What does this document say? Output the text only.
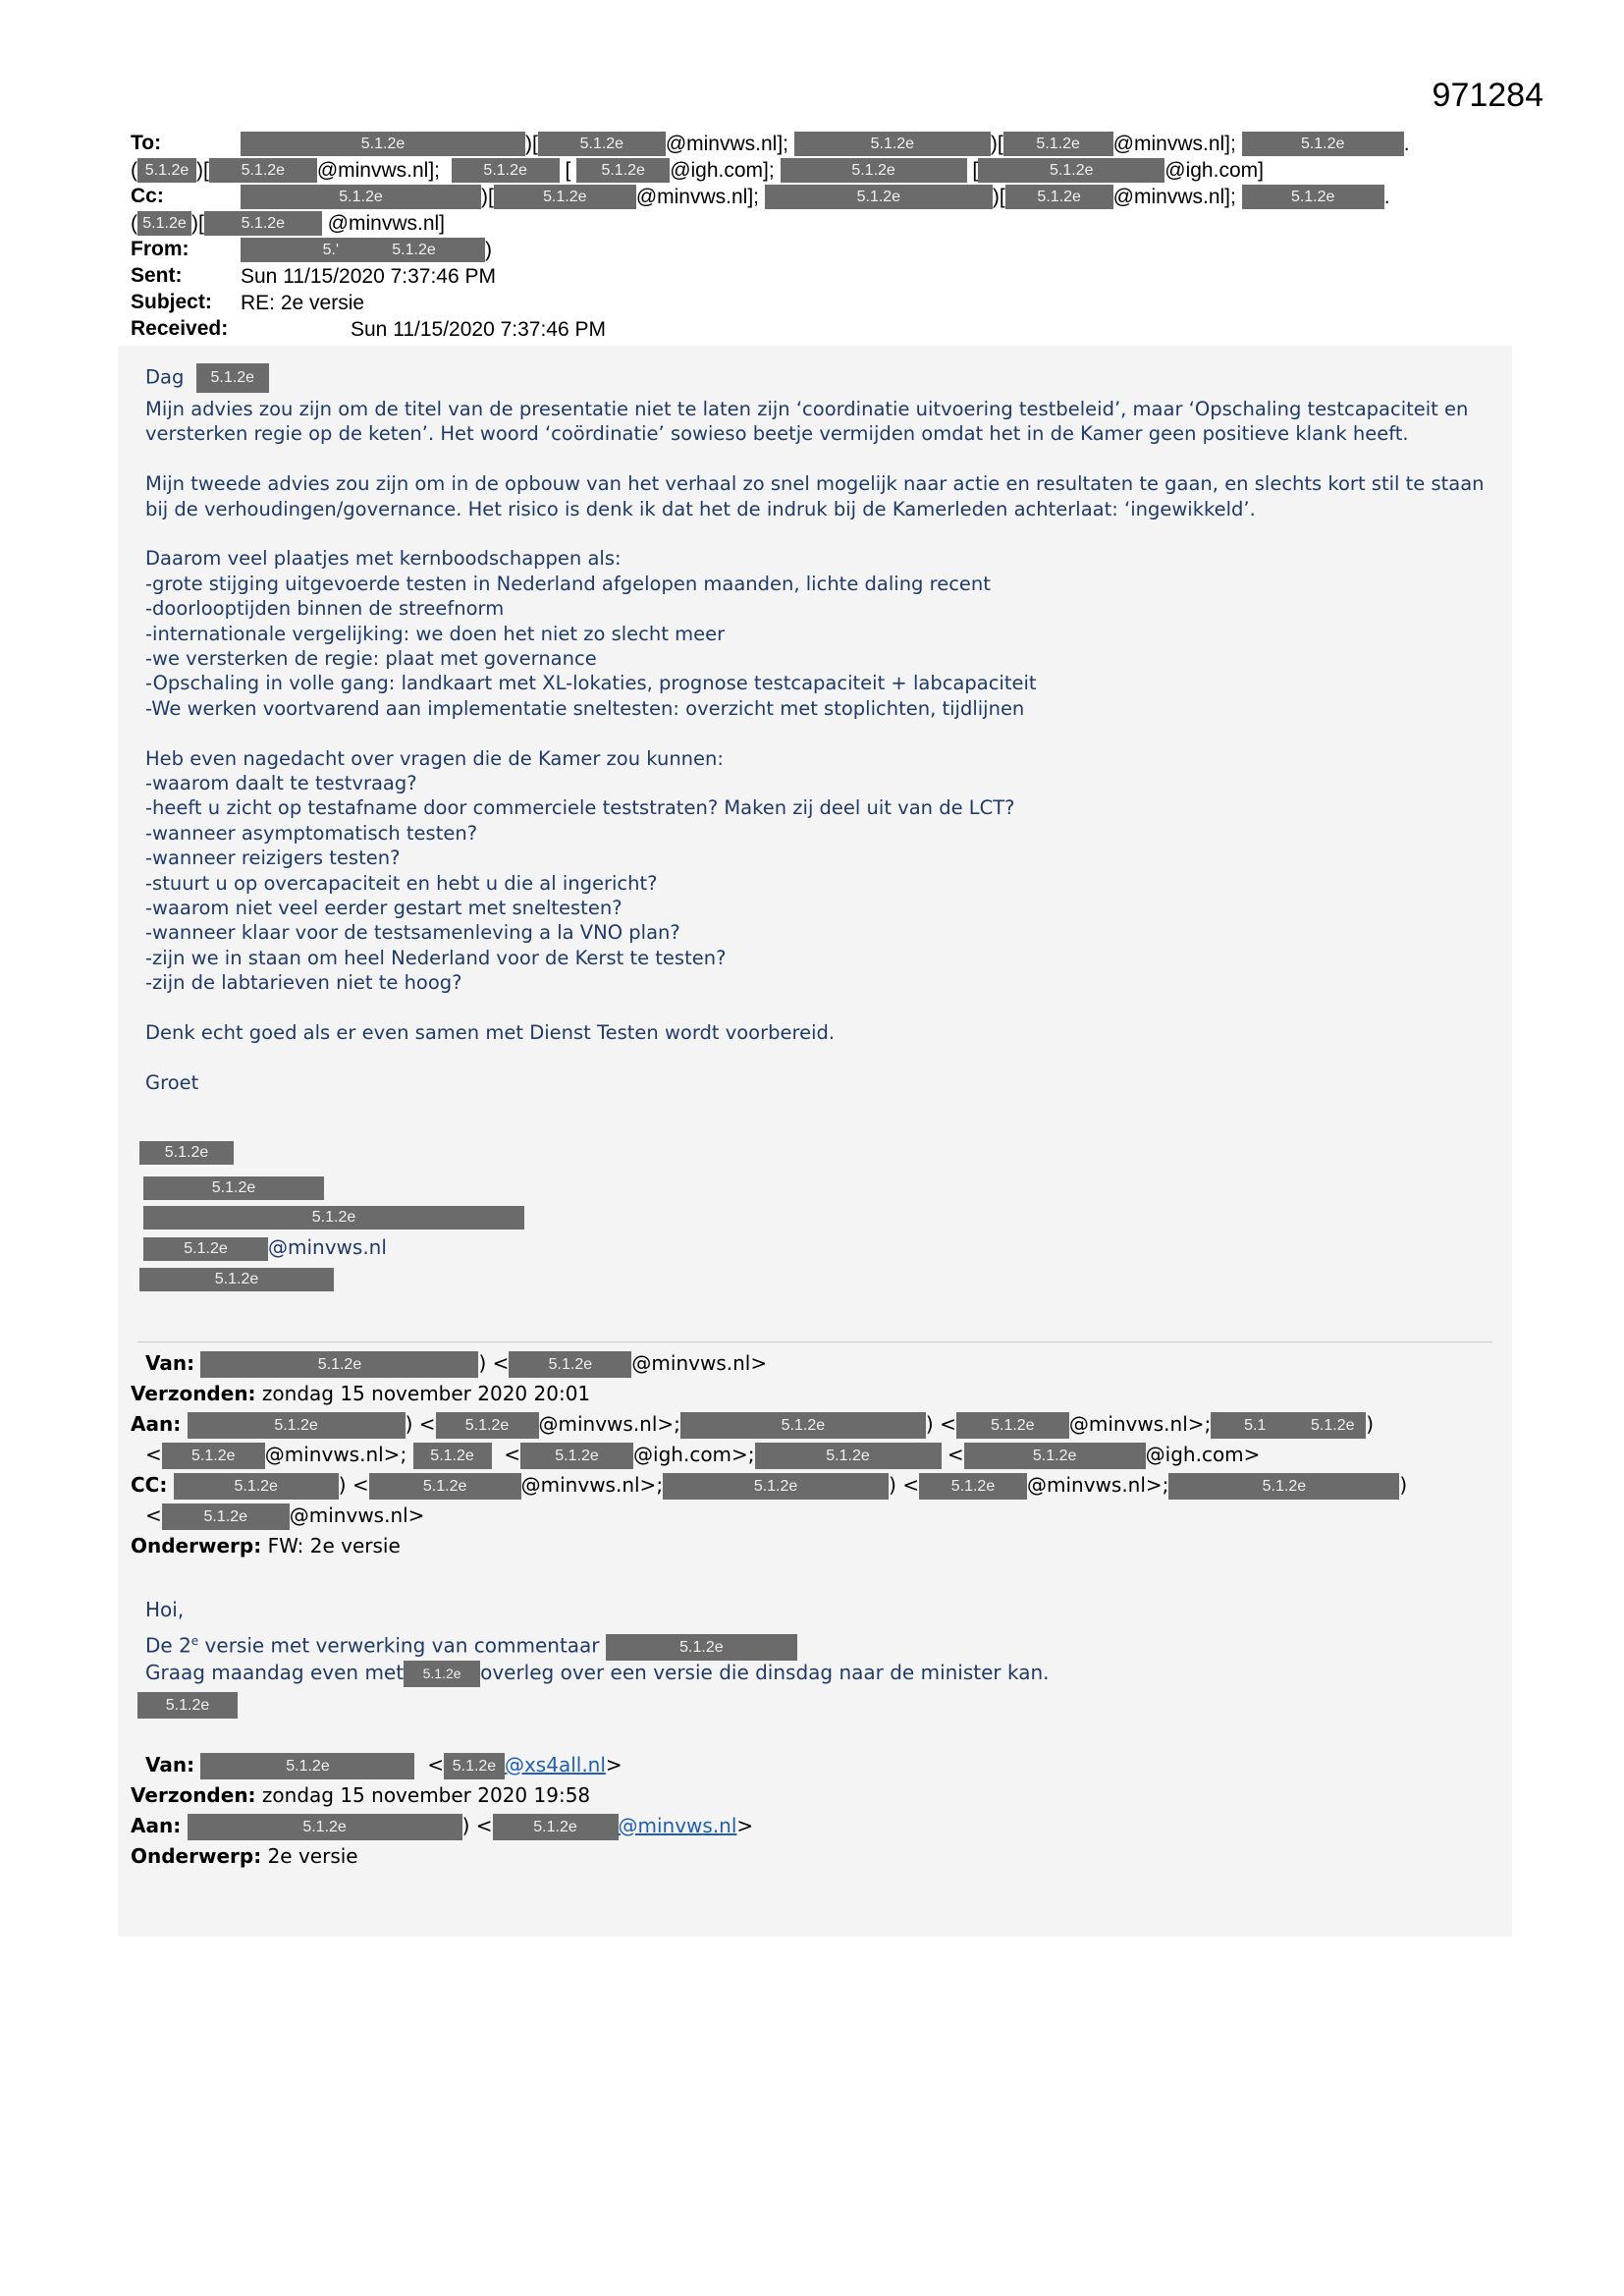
971284
To:	5.1.2e	)[	5.1.2e @minvws.nl];	5.1.2e	)[ 5.1.2e @minvws.nl];	5.1.2e	.
( 5.1.2e )[ 5.1.2e @minvws.nl];	5.1.2e [ 5.1.2e @igh.com];	5.1.2e	[	5.1.2e	@igh.com]
Cc:	5.1.2e	)[	5.1.2e @minvws.nl];	5.1.2e	)[ 5.1.2e @minvws.nl];	5.1.2e .
( 5.1.2e )[ 5.1.2e @minvws.nl]
From:	5.'	5.1.2e )
Sent:	Sun 11/15/2020 7:37:46 PM
Subject: RE: 2e versie
Received:	Sun 11/15/2020 7:37:46 PM

Dag 5.1.2e

Mijn advies zou zijn om de titel van de presentatie niet te laten zijn ‘coordinatie uitvoering testbeleid’, maar ‘Opschaling testcapaciteit en versterken regie op de keten’. Het woord ‘coördinatie’ sowieso beetje vermijden omdat het in de Kamer geen positieve klank heeft.

Mijn tweede advies zou zijn om in de opbouw van het verhaal zo snel mogelijk naar actie en resultaten te gaan, en slechts kort stil te staan bij de verhoudingen/governance. Het risico is denk ik dat het de indruk bij de Kamerleden achterlaat: ‘ingewikkeld’.

Daarom veel plaatjes met kernboodschappen als:

-grote stijging uitgevoerde testen in Nederland afgelopen maanden, lichte daling recent

-doorlooptijden binnen de streefnorm

-internationale vergelijking: we doen het niet zo slecht meer

-we versterken de regie: plaat met governance

-Opschaling in volle gang: landkaart met XL-lokaties, prognose testcapaciteit + labcapaciteit

-We werken voortvarend aan implementatie sneltesten: overzicht met stoplichten, tijdlijnen

Heb even nagedacht over vragen die de Kamer zou kunnen:

-waarom daalt te testvraag?

-heeft u zicht op testafname door commerciele teststraten? Maken zij deel uit van de LCT?

-wanneer asymptomatisch testen?

-wanneer reizigers testen?

-stuurt u op overcapaciteit en hebt u die al ingericht?

-waarom niet veel eerder gestart met sneltesten?

-wanneer klaar voor de testsamenleving a la VNO plan?

-zijn we in staan om heel Nederland voor de Kerst te testen?

-zijn de labtarieven niet te hoog?

Denk echt goed als er even samen met Dienst Testen wordt voorbereid.

Groet

5.1.2e
5.1.2e
5.1.2e
5.1.2e @minvws.nl
5.1.2e
Van:	5.1.2e	) <	5.1.2e @minvws.nl>
Verzonden: zondag 15 november 2020 20:01
Aan:	5.1.2e	) < 5.1.2e @minvws.nl>;	5.1.2e	) < 5.1.2e @minvws.nl>; 5.1	5.1.2e )
< 5.1.2e @minvws.nl>; 5.1.2e < 5.1.2e @igh.com>;	5.1.2e	<	5.1.2e	@igh.com>
CC:	5.1.2e	) <	5.1.2e	@minvws.nl>;	5.1.2e	) < 5.1.2e @minvws.nl>;	5.1.2e	)
<	5.1.2e @minvws.nl>
Onderwerp: FW: 2e versie
Hoi,
De 2e versie met verwerking van commentaar	5.1.2e
Graag maandag even met 5.1.2e overleg over een versie die dinsdag naar de minister kan.
5.1.2e
Van:	5.1.2e	< 5.1.2e @xs4all.nl>
Verzonden: zondag 15 november 2020 19:58
Aan:	5.1.2e	) <	5.1.2e @minvws.nl>
Onderwerp: 2e versie
